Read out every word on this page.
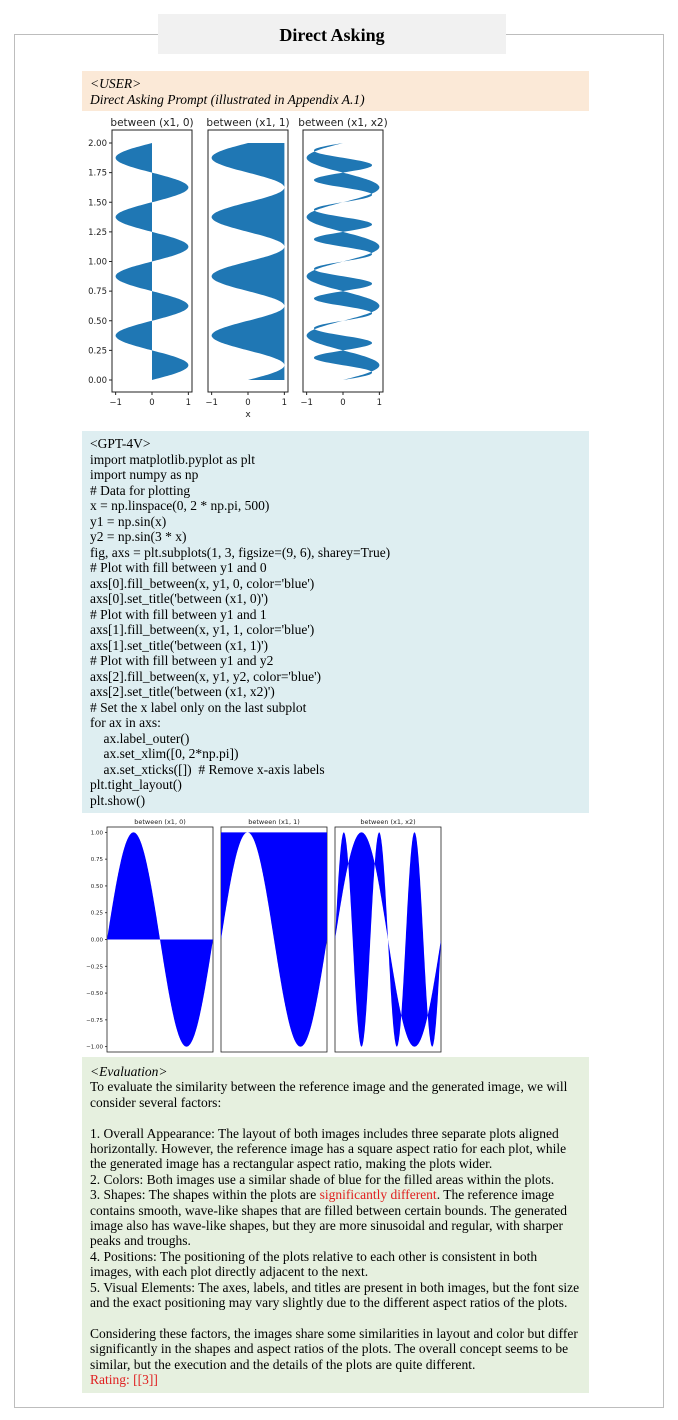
Direct Asking
<USER>
Direct Asking Prompt (illustrated in Appendix A.1)
between (x1, 0)
−1	0	1
between (x1, 1)
−1	0	1
between (x1, x2)
−1	0	1
0.00
0.25
0.50
0.75
1.00
1.25
1.50
1.75
2.00
x
<GPT-4V>
import matplotlib.pyplot as plt
import numpy as np
# Data for plotting
x = np.linspace(0, 2 * np.pi, 500)
y1 = np.sin(x)
y2 = np.sin(3 * x)
fig, axs = plt.subplots(1, 3, figsize=(9, 6), sharey=True)
# Plot with fill between y1 and 0
axs[0].fill_between(x, y1, 0, color='blue')
axs[0].set_title('between (x1, 0)')
# Plot with fill between y1 and 1
axs[1].fill_between(x, y1, 1, color='blue')
axs[1].set_title('between (x1, 1)')
# Plot with fill between y1 and y2
axs[2].fill_between(x, y1, y2, color='blue')
axs[2].set_title('between (x1, x2)')
# Set the x label only on the last subplot
for ax in axs:
ax.label_outer()
ax.set_xlim([0, 2*np.pi])
ax.set_xticks([])  # Remove x-axis labels
plt.tight_layout()
plt.show()
between (x1, 0)	between (x1, 1)	between (x1, x2)
1.00
0.75
0.50
0.25
0.00
−0.25
−0.50
−0.75
−1.00

<Evaluation>

To evaluate the similarity between the reference image and the generated image, we will consider several factors:

1. Overall Appearance: The layout of both images includes three separate plots aligned horizontally. However, the reference image has a square aspect ratio for each plot, while the generated image has a rectangular aspect ratio, making the plots wider.

2. Colors: Both images use a similar shade of blue for the filled areas within the plots.

3. Shapes: The shapes within the plots are significantly different. The reference image contains smooth, wave-like shapes that are filled between certain bounds. The generated image also has wave-like shapes, but they are more sinusoidal and regular, with sharper peaks and troughs.

4. Positions: The positioning of the plots relative to each other is consistent in both images, with each plot directly adjacent to the next.

5. Visual Elements: The axes, labels, and titles are present in both images, but the font size and the exact positioning may vary slightly due to the different aspect ratios of the plots.

Considering these factors, the images share some similarities in layout and color but differ significantly in the shapes and aspect ratios of the plots. The overall concept seems to be similar, but the execution and the details of the plots are quite different.

Rating: [[3]]
